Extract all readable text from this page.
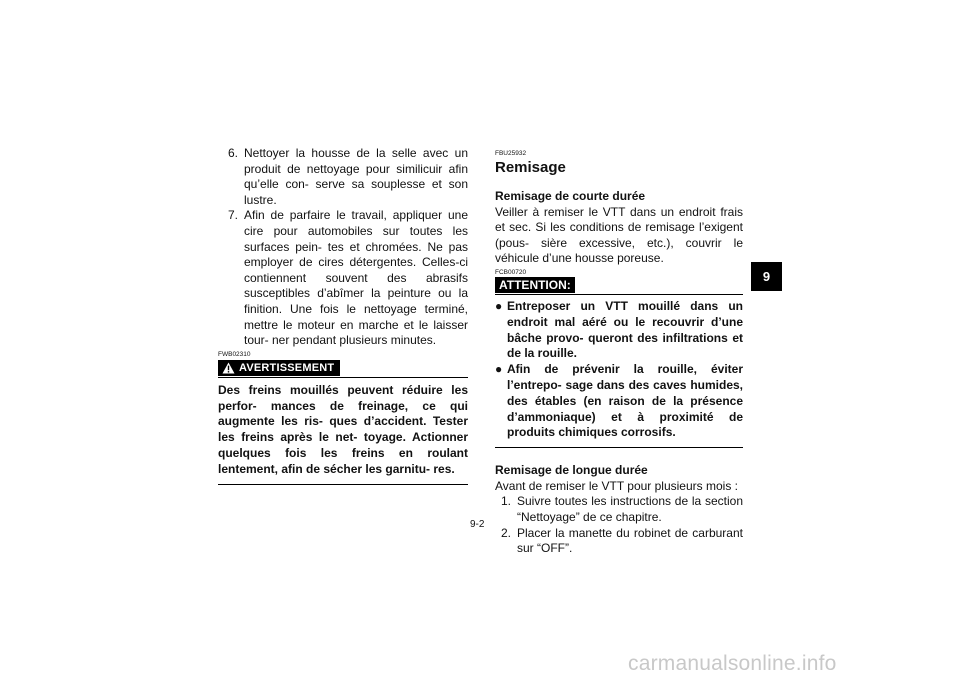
6. Nettoyer la housse de la selle avec un produit de nettoyage pour similicuir afin qu’elle con- serve sa souplesse et son lustre.
7. Afin de parfaire le travail, appliquer une cire pour automobiles sur toutes les surfaces pein- tes et chromées. Ne pas employer de cires détergentes. Celles-ci contiennent souvent des abrasifs susceptibles d’abîmer la peinture ou la finition. Une fois le nettoyage terminé, mettre le moteur en marche et le laisser tour- ner pendant plusieurs minutes.
FWB02310
AVERTISSEMENT
Des freins mouillés peuvent réduire les perfor- mances de freinage, ce qui augmente les ris- ques d’accident. Tester les freins après le net- toyage. Actionner quelques fois les freins en roulant lentement, afin de sécher les garnitu- res.
FBU25932
Remisage
Remisage de courte durée
Veiller à remiser le VTT dans un endroit frais et sec. Si les conditions de remisage l’exigent (pous- sière excessive, etc.), couvrir le véhicule d’une housse poreuse.
FCB00720
ATTENTION:
● Entreposer un VTT mouillé dans un endroit mal aéré ou le recouvrir d’une bâche provo- queront des infiltrations et de la rouille.
● Afin de prévenir la rouille, éviter l’entrepo- sage dans des caves humides, des étables (en raison de la présence d’ammoniaque) et à proximité de produits chimiques corrosifs.
Remisage de longue durée
Avant de remiser le VTT pour plusieurs mois :
1. Suivre toutes les instructions de la section “Nettoyage” de ce chapitre.
2. Placer la manette du robinet de carburant sur “OFF”.
9
9-2
carmanualsonline.info
